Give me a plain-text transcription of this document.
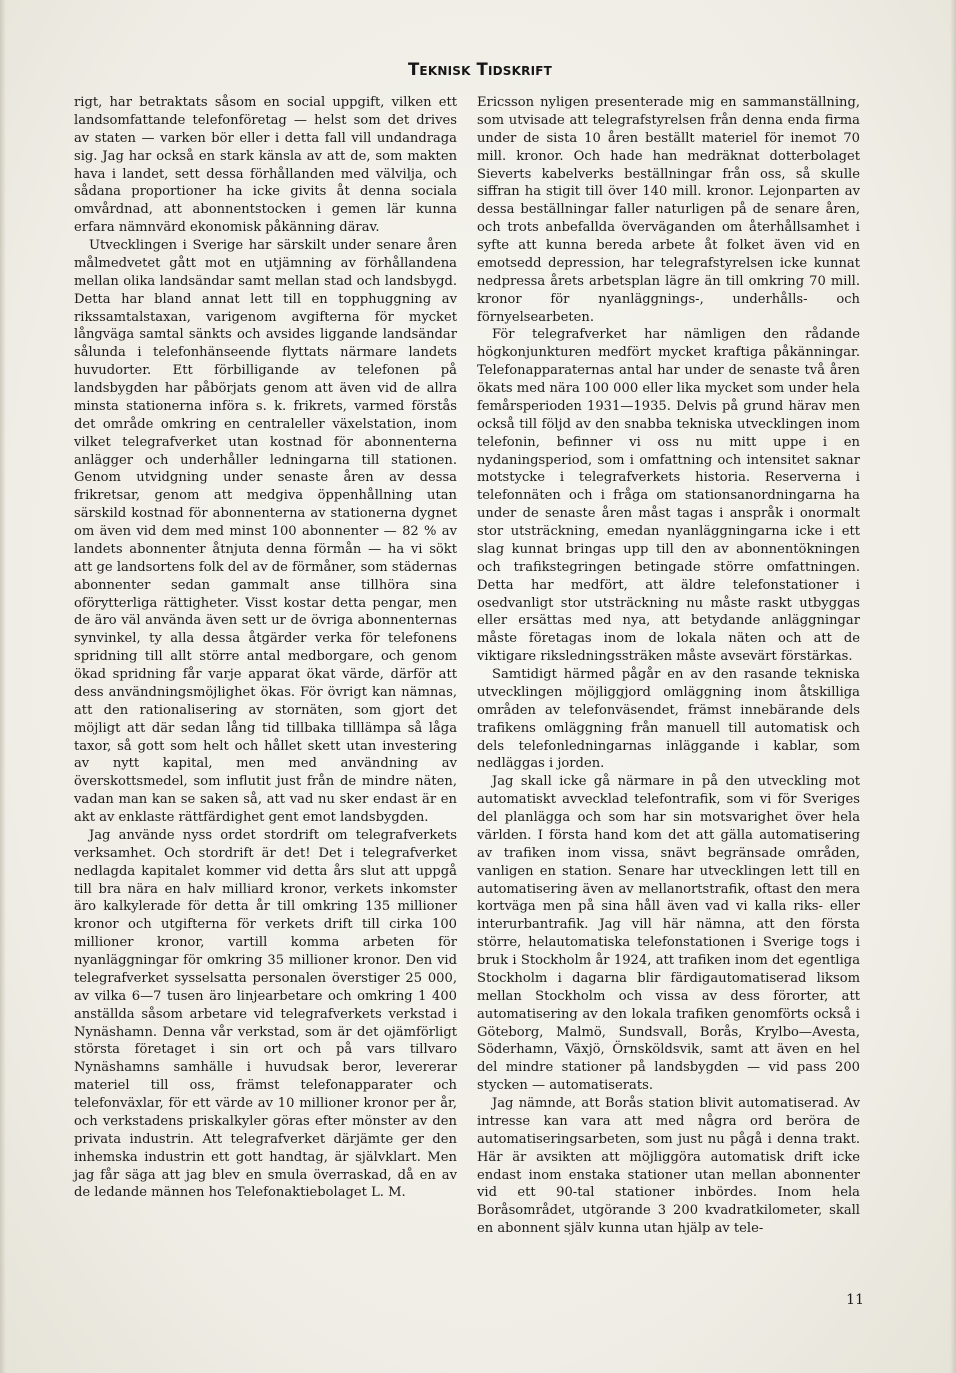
Teknisk Tidskrift

rigt, har betraktats såsom en social uppgift, vilken ett landsomfattande telefonföretag — helst som det drives av staten — varken bör eller i detta fall vill undandraga sig. Jag har också en stark känsla av att de, som makten hava i landet, sett dessa förhållanden med välvilja, och sådana proportioner ha icke givits åt denna sociala omvårdnad, att abonnentstocken i gemen lär kunna erfara nämnvärd ekonomisk påkänning därav.

Utvecklingen i Sverige har särskilt under senare åren målmedvetet gått mot en utjämning av förhållandena mellan olika landsändar samt mellan stad och landsbygd. Detta har bland annat lett till en topphuggning av rikssamtalstaxan, varigenom avgifterna för mycket långväga samtal sänkts och avsides liggande landsändar sålunda i telefonhänseende flyttats närmare landets huvudorter. Ett förbilligande av telefonen på landsbygden har påbörjats genom att även vid de allra minsta stationerna införa s. k. frikrets, varmed förstås det område omkring en centraleller växelstation, inom vilket telegrafverket utan kostnad för abonnenterna anlägger och underhåller ledningarna till stationen. Genom utvidgning under senaste åren av dessa frikretsar, genom att medgiva öppenhållning utan särskild kostnad för abonnenterna av stationerna dygnet om även vid dem med minst 100 abonnenter — 82 % av landets abonnenter åtnjuta denna förmån — ha vi sökt att ge landsortens folk del av de förmåner, som städernas abonnenter sedan gammalt anse tillhöra sina oförytterliga rättigheter. Visst kostar detta pengar, men de äro väl använda även sett ur de övriga abonnenternas synvinkel, ty alla dessa åtgärder verka för telefonens spridning till allt större antal medborgare, och genom ökad spridning får varje apparat ökat värde, därför att dess användningsmöjlighet ökas. För övrigt kan nämnas, att den rationalisering av stornäten, som gjort det möjligt att där sedan lång tid tillbaka tilllämpa så låga taxor, så gott som helt och hållet skett utan investering av nytt kapital, men med användning av överskottsmedel, som influtit just från de mindre näten, vadan man kan se saken så, att vad nu sker endast är en akt av enklaste rättfärdighet gent emot landsbygden.

Jag använde nyss ordet stordrift om telegrafverkets verksamhet. Och stordrift är det! Det i telegrafverket nedlagda kapitalet kommer vid detta års slut att uppgå till bra nära en halv milliard kronor, verkets inkomster äro kalkylerade för detta år till omkring 135 millioner kronor och utgifterna för verkets drift till cirka 100 millioner kronor, vartill komma arbeten för nyanläggningar för omkring 35 millioner kronor. Den vid telegrafverket sysselsatta personalen överstiger 25 000, av vilka 6—7 tusen äro linjearbetare och omkring 1 400 anställda såsom arbetare vid telegrafverkets verkstad i Nynäshamn. Denna vår verkstad, som är det ojämförligt största företaget i sin ort och på vars tillvaro Nynäshamns samhälle i huvudsak beror, levererar materiel till oss, främst telefonapparater och telefonväxlar, för ett värde av 10 millioner kronor per år, och verkstadens priskalkyler göras efter mönster av den privata industrin. Att telegrafverket därjämte ger den inhemska industrin ett gott handtag, är självklart. Men jag får säga att jag blev en smula överraskad, då en av de ledande männen hos Telefonaktiebolaget L. M.

Ericsson nyligen presenterade mig en sammanställning, som utvisade att telegrafstyrelsen från denna enda firma under de sista 10 åren beställt materiel för inemot 70 mill. kronor. Och hade han medräknat dotterbolaget Sieverts kabelverks beställningar från oss, så skulle siffran ha stigit till över 140 mill. kronor. Lejonparten av dessa beställningar faller naturligen på de senare åren, och trots anbefallda överväganden om återhållsamhet i syfte att kunna bereda arbete åt folket även vid en emotsedd depression, har telegrafstyrelsen icke kunnat nedpressa årets arbetsplan lägre än till omkring 70 mill. kronor för nyanläggnings-, underhålls- och förnyelsearbeten.

För telegrafverket har nämligen den rådande högkonjunkturen medfört mycket kraftiga påkänningar. Telefonapparaternas antal har under de senaste två åren ökats med nära 100 000 eller lika mycket som under hela femårsperioden 1931—1935. Delvis på grund härav men också till följd av den snabba tekniska utvecklingen inom telefonin, befinner vi oss nu mitt uppe i en nydaningsperiod, som i omfattning och intensitet saknar motstycke i telegrafverkets historia. Reserverna i telefonnäten och i fråga om stationsanordningarna ha under de senaste åren måst tagas i anspråk i onormalt stor utsträckning, emedan nyanläggningarna icke i ett slag kunnat bringas upp till den av abonnentökningen och trafikstegringen betingade större omfattningen. Detta har medfört, att äldre telefonstationer i osedvanligt stor utsträckning nu måste raskt utbyggas eller ersättas med nya, att betydande anläggningar måste företagas inom de lokala näten och att de viktigare riksledningssträken måste avsevärt förstärkas.

Samtidigt härmed pågår en av den rasande tekniska utvecklingen möjliggjord omläggning inom åtskilliga områden av telefonväsendet, främst innebärande dels trafikens omläggning från manuell till automatisk och dels telefonledningarnas inläggande i kablar, som nedläggas i jorden.

Jag skall icke gå närmare in på den utveckling mot automatiskt avvecklad telefontrafik, som vi för Sveriges del planlägga och som har sin motsvarighet över hela världen. I första hand kom det att gälla automatisering av trafiken inom vissa, snävt begränsade områden, vanligen en station. Senare har utvecklingen lett till en automatisering även av mellanortstrafik, oftast den mera kortväga men på sina håll även vad vi kalla riks- eller interurbantrafik. Jag vill här nämna, att den första större, helautomatiska telefonstationen i Sverige togs i bruk i Stockholm år 1924, att trafiken inom det egentliga Stockholm i dagarna blir färdigautomatiserad liksom mellan Stockholm och vissa av dess förorter, att automatisering av den lokala trafiken genomförts också i Göteborg, Malmö, Sundsvall, Borås, Krylbo—Avesta, Söderhamn, Växjö, Örnsköldsvik, samt att även en hel del mindre stationer på landsbygden — vid pass 200 stycken — automatiserats.

Jag nämnde, att Borås station blivit automatiserad. Av intresse kan vara att med några ord beröra de automatiseringsarbeten, som just nu pågå i denna trakt. Här är avsikten att möjliggöra automatisk drift icke endast inom enstaka stationer utan mellan abonnenter vid ett 90-tal stationer inbördes. Inom hela Boråsområdet, utgörande 3 200 kvadratkilometer, skall en abonnent själv kunna utan hjälp av tele-

11
